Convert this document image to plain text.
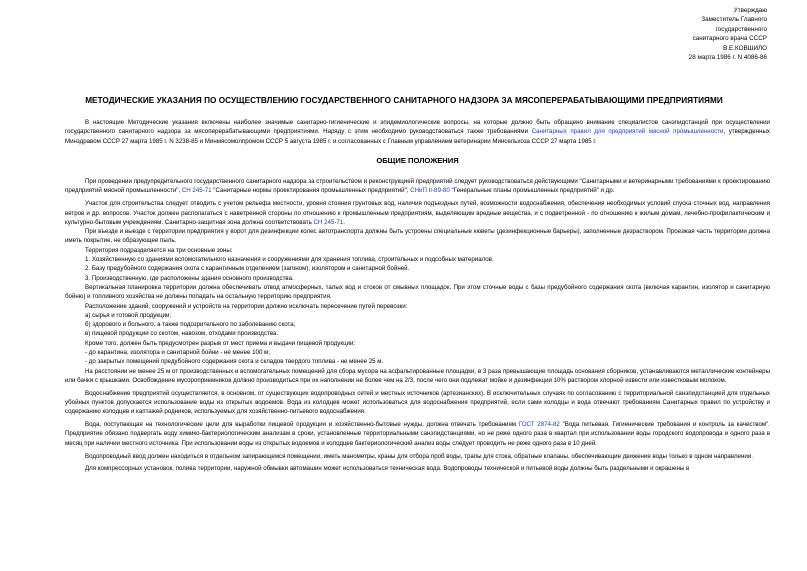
Утверждаю
Заместитель Главного
государственного
санитарного врача СССР
В.Е.КОВШИЛО
28 марта 1986 г. N 4086-86
МЕТОДИЧЕСКИЕ УКАЗАНИЯ ПО ОСУЩЕСТВЛЕНИЮ ГОСУДАРСТВЕННОГО САНИТАРНОГО НАДЗОРА ЗА МЯСОПЕРЕРАБАТЫВАЮЩИМИ ПРЕДПРИЯТИЯМИ

В настоящие Методические указания включены наиболее значимые санитарно-гигиенические и эпидемиологические вопросы, на которые должно быть обращено внимание специалистов санэпидстанций при осуществлении государственного санитарного надзора за мясоперерабатывающими предприятиями. Наряду с этим необходимо руководствоваться также требованиями Санитарных правил для предприятий мясной промышленности, утвержденных Минздравом СССР 27 марта 1985 г. N 3238-85 и Минмясомолпромом СССР 5 августа 1985 г. и согласованных с Главным управлением ветеринарии Минсельхоза СССР 27 марта 1985 г.

ОБЩИЕ ПОЛОЖЕНИЯ

При проведении предупредительного государственного санитарного надзора за строительством и реконструкцией предприятий следует руководствоваться действующими "Санитарными и ветеринарными требованиями к проектированию предприятий мясной промышленности", СН 245-71 "Санитарные нормы проектирования промышленных предприятий", СНиП II-89-80 "Генеральные планы промышленных предприятий" и др.

Участок для строительства следует отводить с учетом рельефа местности, уровня стояния грунтовых вод, наличия подъездных путей, возможности водоснабжения, обеспечения необходимых условий спуска сточных вод, направления ветров и др. вопросов. Участок должен располагаться с наветренной стороны по отношению к промышленным предприятиям, выделяющим вредные вещества, и с подветренной - по отношению к жилым домам, лечебно-профилактическим и культурно-бытовым учреждениям. Санитарно-защитная зона должна соответствовать СН 245-71.

При въезде и выезде с территории предприятия у ворот для дезинфекции колес автотранспорта должны быть устроены специальные кюветы (дезинфекционные барьеры), заполненные дезраствором. Проезжая часть территории должна иметь покрытие, не образующее пыль.

Территория подразделяется на три основные зоны:

1. Хозяйственную со зданиями вспомогательного назначения и сооружениями для хранения топлива, строительных и подсобных материалов.

2. Базу предубойного содержания скота с карантинным отделением (загоном), изолятором и санитарной бойней.

3. Производственную, где расположены здания основного производства.

Вертикальная планировка территории должна обеспечивать отвод атмосферных, талых вод и стоков от смывных площадок. При этом сточные воды с базы предубойного содержания скота (включая карантин, изолятор и санитарную бойню) и топливного хозяйства не должны попадать на остальную территорию предприятия.

Расположение зданий, сооружений и устройств на территории должно исключать пересечение путей перевозки:

а) сырья и готовой продукции;

б) здорового и больного, а также подозрительного по заболеванию скота;

в) пищевой продукции со скотом, навозом, отходами производства.

Кроме того, должен быть предусмотрен разрыв от мест приема и выдачи пищевой продукции:

- до карантина, изолятора и санитарной бойни - не менее 100 м;

- до закрытых помещений предубойного содержания скота и складов твердого топлива - не менее 25 м.

На расстоянии не менее 25 м от производственных и вспомогательных помещений для сбора мусора на асфальтированные площадки, в 3 раза превышающие площадь основания сборников, устанавливаются металлические контейнеры или бачки с крышками. Освобождение мусороприемников должно производиться при их наполнении не более чем на 2/3, после чего они подлежат мойке и дезинфекции 10% раствором хлорной извести или известковым молоком.

Водоснабжение предприятий осуществляется, в основном, от существующих водопроводных сетей и местных источников (артезианских). В исключительных случаях по согласованию с территориальной санэпидстанцией для отдельных убойных пунктов допускается использование воды из открытых водоемов. Вода из колодцев может использоваться для водоснабжения предприятий, если сами колодцы и вода отвечают требованиям Санитарных правил по устройству и содержанию колодцев и каптажей родников, используемых для хозяйственно-питьевого водоснабжения.

Вода, поступающая на технологические цели для выработки пищевой продукции и хозяйственно-бытовые нужды, должна отвечать требованиям ГОСТ 2874-82 "Вода питьевая. Гигиенические требования и контроль за качеством". Предприятие обязано подвергать воду химико-бактериологическим анализам в сроки, установленные территориальными санэпидстанциями, но не реже одного раза в квартал при использовании воды городского водопровода и одного раза в месяц при наличии местного источника. При использовании воды из открытых водоемов и колодцев бактериологический анализ воды следует проводить не реже одного раза в 10 дней.

Водопроводный ввод должен находиться в отдельном запирающемся помещении, иметь манометры, краны для отбора проб воды, трапы для стока, обратные клапаны, обеспечивающие движение воды только в одном направлении.

Для компрессорных установок, полива территории, наружной обмывки автомашин может использоваться техническая вода. Водопроводы технической и питьевой воды должны быть раздельными и окрашены в
